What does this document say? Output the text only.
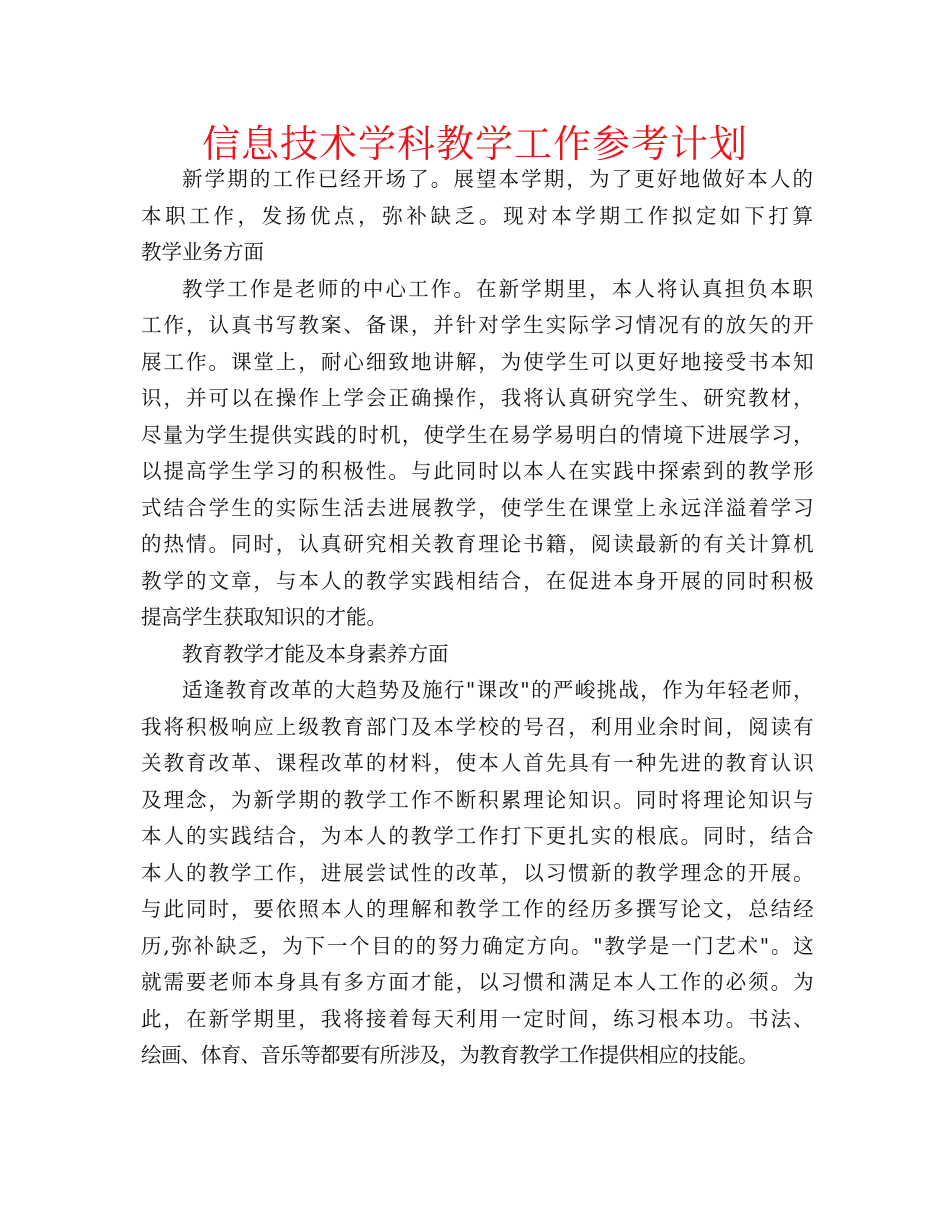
信息技术学科教学工作参考计划
新学期的工作已经开场了。展望本学期，为了更好地做好本人的
本职工作，发扬优点，弥补缺乏。现对本学期工作拟定如下打算
教学业务方面
教学工作是老师的中心工作。在新学期里，本人将认真担负本职
工作，认真书写教案、备课，并针对学生实际学习情况有的放矢的开
展工作。课堂上，耐心细致地讲解，为使学生可以更好地接受书本知
识，并可以在操作上学会正确操作，我将认真研究学生、研究教材，
尽量为学生提供实践的时机，使学生在易学易明白的情境下进展学习，
以提高学生学习的积极性。与此同时以本人在实践中探索到的教学形
式结合学生的实际生活去进展教学，使学生在课堂上永远洋溢着学习
的热情。同时，认真研究相关教育理论书籍，阅读最新的有关计算机
教学的文章，与本人的教学实践相结合，在促进本身开展的同时积极
提高学生获取知识的才能。
教育教学才能及本身素养方面
适逢教育改革的大趋势及施行"课改"的严峻挑战，作为年轻老师，
我将积极响应上级教育部门及本学校的号召，利用业余时间，阅读有
关教育改革、课程改革的材料，使本人首先具有一种先进的教育认识
及理念，为新学期的教学工作不断积累理论知识。同时将理论知识与
本人的实践结合，为本人的教学工作打下更扎实的根底。同时，结合
本人的教学工作，进展尝试性的改革，以习惯新的教学理念的开展。
与此同时，要依照本人的理解和教学工作的经历多撰写论文，总结经
历,弥补缺乏，为下一个目的的努力确定方向。"教学是一门艺术"。这
就需要老师本身具有多方面才能，以习惯和满足本人工作的必须。为
此，在新学期里，我将接着每天利用一定时间，练习根本功。书法、
绘画、体育、音乐等都要有所涉及，为教育教学工作提供相应的技能。
